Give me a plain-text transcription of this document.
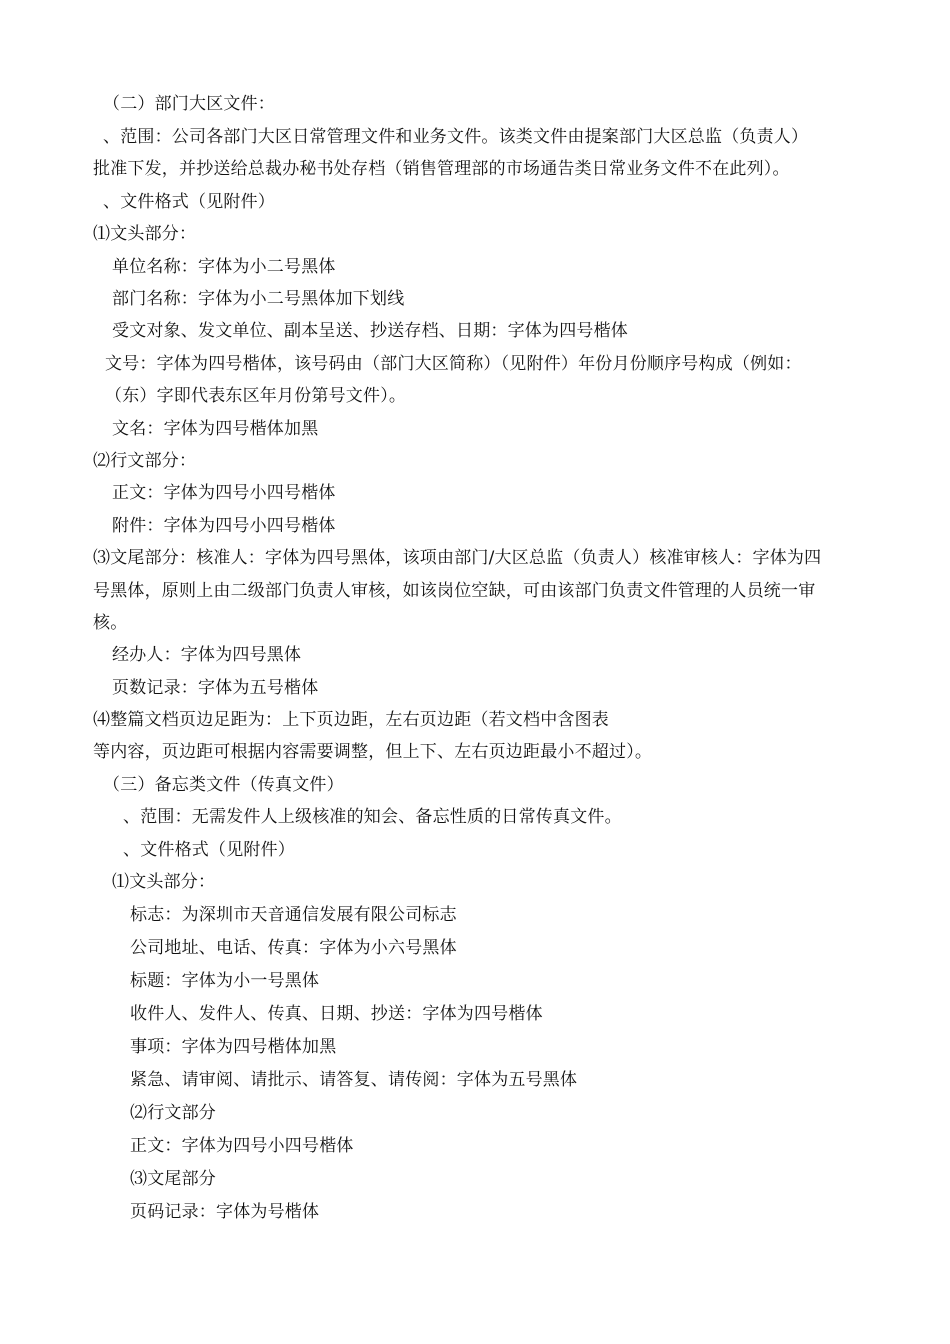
（二）部门大区文件：
、范围：公司各部门大区日常管理文件和业务文件。该类文件由提案部门大区总监（负责人）
批准下发，并抄送给总裁办秘书处存档（销售管理部的市场通告类日常业务文件不在此列）。
、文件格式（见附件）
⑴文头部分：
单位名称：字体为小二号黑体
部门名称：字体为小二号黑体加下划线
受文对象、发文单位、副本呈送、抄送存档、日期：字体为四号楷体
文号：字体为四号楷体，该号码由（部门大区简称）（见附件）年份月份顺序号构成（例如：
（东）字即代表东区年月份第号文件）。
文名：字体为四号楷体加黑
⑵行文部分：
正文：字体为四号小四号楷体
附件：字体为四号小四号楷体
⑶文尾部分：核准人：字体为四号黑体，该项由部门/大区总监（负责人）核准审核人：字体为四
号黑体，原则上由二级部门负责人审核，如该岗位空缺，可由该部门负责文件管理的人员统一审
核。
经办人：字体为四号黑体
页数记录：字体为五号楷体
⑷整篇文档页边足距为：上下页边距，左右页边距（若文档中含图表
等内容，页边距可根据内容需要调整，但上下、左右页边距最小不超过）。
（三）备忘类文件（传真文件）
、范围：无需发件人上级核准的知会、备忘性质的日常传真文件。
、文件格式（见附件）
⑴文头部分：
标志：为深圳市天音通信发展有限公司标志
公司地址、电话、传真：字体为小六号黑体
标题：字体为小一号黑体
收件人、发件人、传真、日期、抄送：字体为四号楷体
事项：字体为四号楷体加黑
紧急、请审阅、请批示、请答复、请传阅：字体为五号黑体
⑵行文部分
正文：字体为四号小四号楷体
⑶文尾部分
页码记录：字体为号楷体
